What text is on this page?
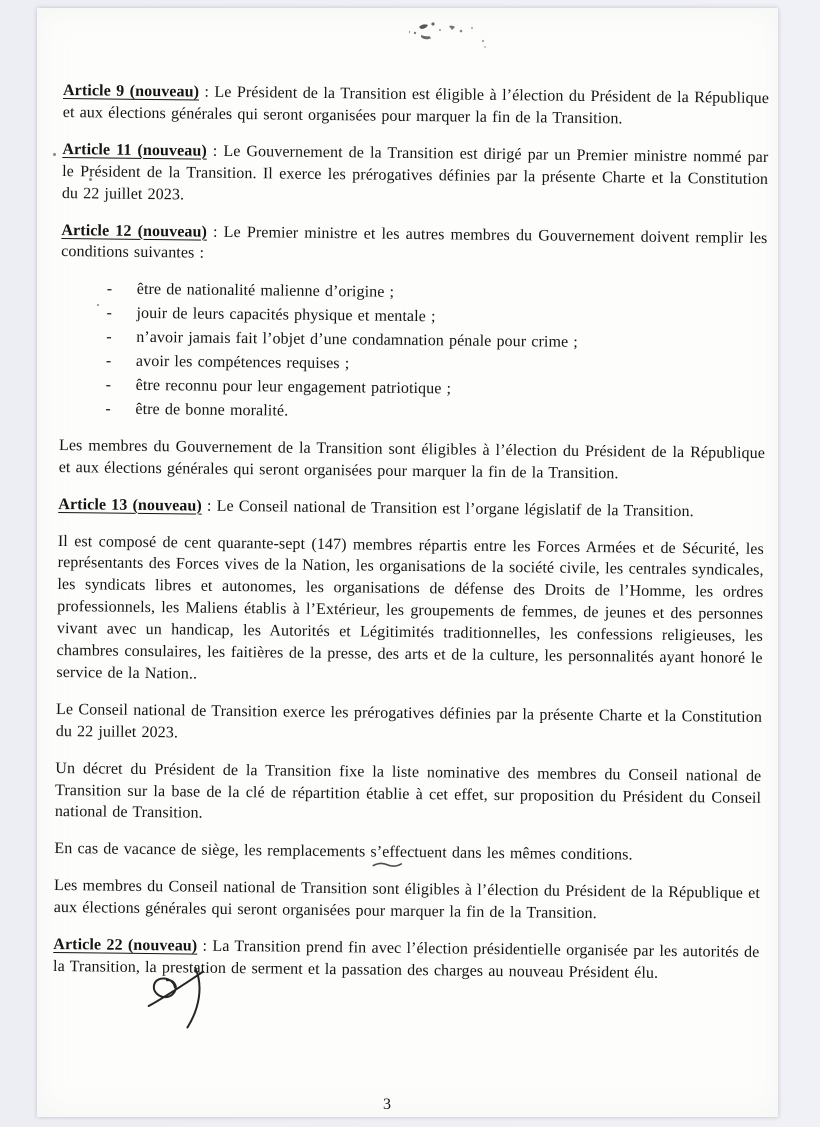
Article 9 (nouveau) : Le Président de la Transition est éligible à l’élection du Président de la République et aux élections générales qui seront organisées pour marquer la fin de la Transition.

Article 11 (nouveau) : Le Gouvernement de la Transition est dirigé par un Premier ministre nommé par le Président de la Transition. Il exerce les prérogatives définies par la présente Charte et la Constitution du 22 juillet 2023.

Article 12 (nouveau) : Le Premier ministre et les autres membres du Gouvernement doivent remplir les conditions suivantes :

-	être de nationalité malienne d’origine ;
-	jouir de leurs capacités physique et mentale ;
-	n’avoir jamais fait l’objet d’une condamnation pénale pour crime ;
-	avoir les compétences requises ;
-	être reconnu pour leur engagement patriotique ;
-	être de bonne moralité.

Les membres du Gouvernement de la Transition sont éligibles à l’élection du Président de la République et aux élections générales qui seront organisées pour marquer la fin de la Transition.

Article 13 (nouveau) : Le Conseil national de Transition est l’organe législatif de la Transition.

Il est composé de cent quarante-sept (147) membres répartis entre les Forces Armées et de Sécurité, les représentants des Forces vives de la Nation, les organisations de la société civile, les centrales syndicales, les syndicats libres et autonomes, les organisations de défense des Droits de l’Homme, les ordres professionnels, les Maliens établis à l’Extérieur, les groupements de femmes, de jeunes et des personnes vivant avec un handicap, les Autorités et Légitimités traditionnelles, les confessions religieuses, les chambres consulaires, les faitières de la presse, des arts et de la culture, les personnalités ayant honoré le service de la Nation..

Le Conseil national de Transition exerce les prérogatives définies par la présente Charte et la Constitution du 22 juillet 2023.

Un décret du Président de la Transition fixe la liste nominative des membres du Conseil national de Transition sur la base de la clé de répartition établie à cet effet, sur proposition du Président du Conseil national de Transition.

En cas de vacance de siège, les remplacements s’effectuent dans les mêmes conditions.

Les membres du Conseil national de Transition sont éligibles à l’élection du Président de la République et aux élections générales qui seront organisées pour marquer la fin de la Transition.

Article 22 (nouveau) : La Transition prend fin avec l’élection présidentielle organisée par les autorités de la Transition, la prestation de serment et la passation des charges au nouveau Président élu.

3
